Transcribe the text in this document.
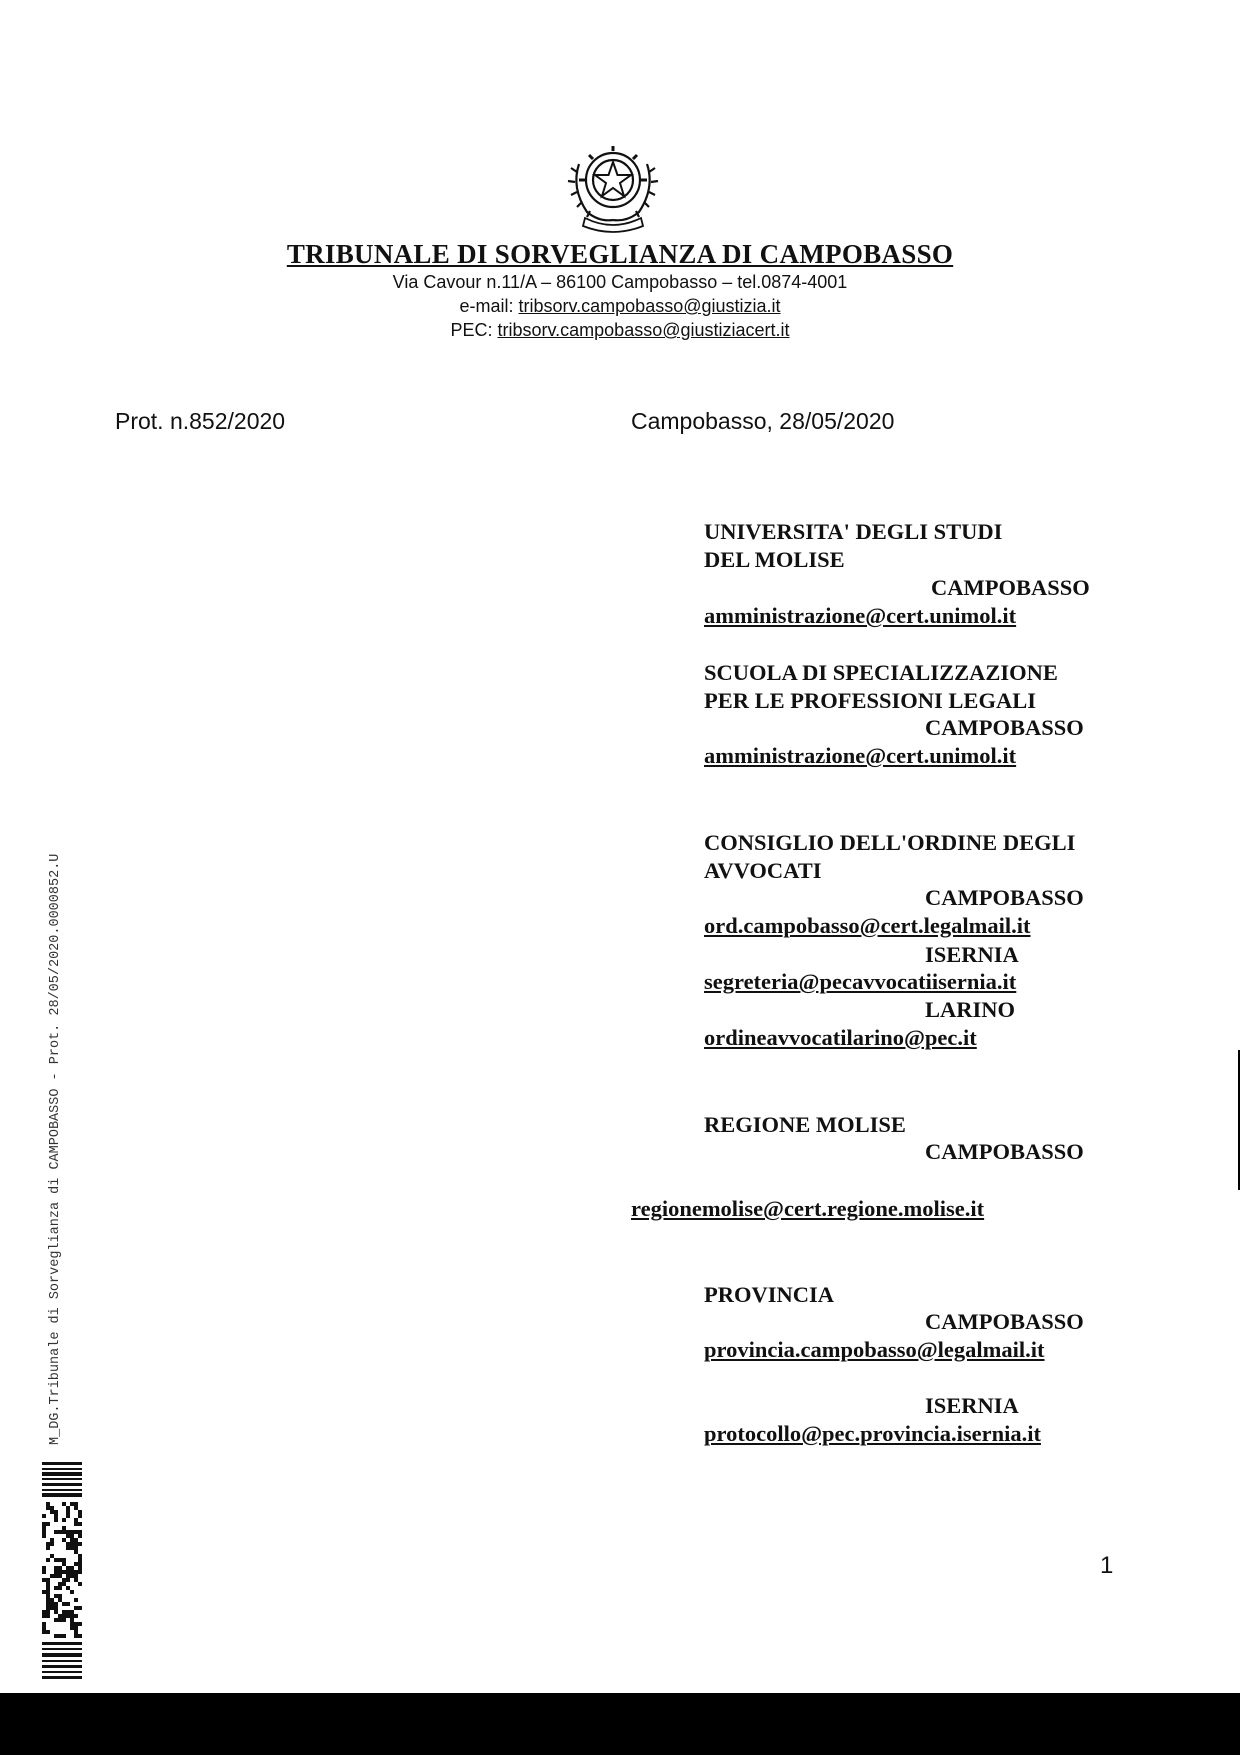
TRIBUNALE DI SORVEGLIANZA DI CAMPOBASSO
Via Cavour n.11/A – 86100 Campobasso – tel.0874-4001
e-mail: tribsorv.campobasso@giustizia.it
PEC: tribsorv.campobasso@giustiziacert.it
Prot. n.852/2020	Campobasso, 28/05/2020
UNIVERSITA' DEGLI STUDI
DEL MOLISE
CAMPOBASSO
amministrazione@cert.unimol.it
SCUOLA DI SPECIALIZZAZIONE
PER LE PROFESSIONI LEGALI
CAMPOBASSO
amministrazione@cert.unimol.it
CONSIGLIO DELL'ORDINE DEGLI
AVVOCATI
CAMPOBASSO
ord.campobasso@cert.legalmail.it
ISERNIA
segreteria@pecavvocatiisernia.it
LARINO
ordineavvocatilarino@pec.it
REGIONE MOLISE
CAMPOBASSO
regionemolise@cert.regione.molise.it
PROVINCIA
CAMPOBASSO
provincia.campobasso@legalmail.it
ISERNIA
protocollo@pec.provincia.isernia.it
1
M_DG.Tribunale di Sorveglianza di CAMPOBASSO - Prot. 28/05/2020.0000852.U
